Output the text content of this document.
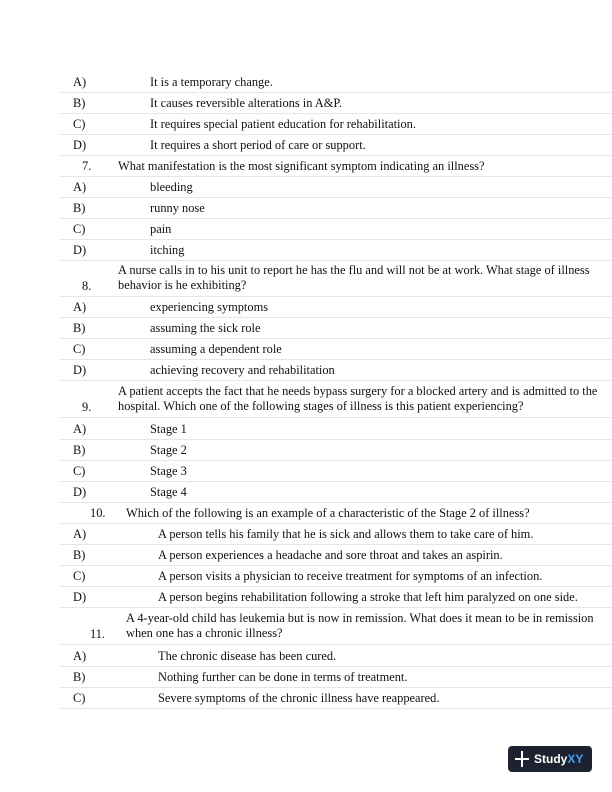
A)	It is a temporary change.
B)	It causes reversible alterations in A&P.
C)	It requires special patient education for rehabilitation.
D)	It requires a short period of care or support.
7. What manifestation is the most significant symptom indicating an illness?
A)	bleeding
B)	runny nose
C)	pain
D)	itching
8.
A nurse calls in to his unit to report he has the flu and will not be at work. What stage of illness
behavior is he exhibiting?
A)	experiencing symptoms
B)	assuming the sick role
C)	assuming a dependent role
D)	achieving recovery and rehabilitation
9.
A patient accepts the fact that he needs bypass surgery for a blocked artery and is admitted to the
hospital. Which one of the following stages of illness is this patient experiencing?
A)	Stage 1
B)	Stage 2
C)	Stage 3
D)	Stage 4
10. Which of the following is an example of a characteristic of the Stage 2 of illness?
A)	A person tells his family that he is sick and allows them to take care of him.
B)	A person experiences a headache and sore throat and takes an aspirin.
C)	A person visits a physician to receive treatment for symptoms of an infection.
D)	A person begins rehabilitation following a stroke that left him paralyzed on one side.
11.
A 4-year-old child has leukemia but is now in remission. What does it mean to be in remission
when one has a chronic illness?
A)	The chronic disease has been cured.
B)	Nothing further can be done in terms of treatment.
C)	Severe symptoms of the chronic illness have reappeared.
StudyXY
